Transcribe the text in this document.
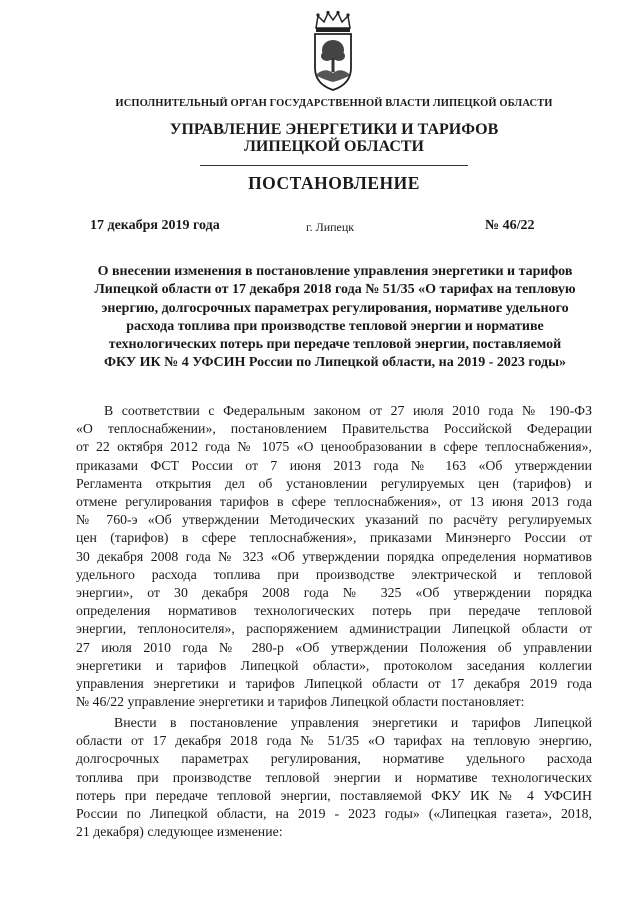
ИСПОЛНИТЕЛЬНЫЙ ОРГАН ГОСУДАРСТВЕННОЙ ВЛАСТИ ЛИПЕЦКОЙ ОБЛАСТИ
УПРАВЛЕНИЕ ЭНЕРГЕТИКИ И ТАРИФОВ
ЛИПЕЦКОЙ ОБЛАСТИ
ПОСТАНОВЛЕНИЕ
17 декабря 2019 года	г. Липецк	№ 46/22
О внесении изменения в постановление управления энергетики и тарифов
Липецкой области от 17 декабря 2018 года № 51/35 «О тарифах на тепловую
энергию, долгосрочных параметрах регулирования, нормативе удельного
расхода топлива при производстве тепловой энергии и нормативе
технологических потерь при передаче тепловой энергии, поставляемой
ФКУ ИК № 4 УФСИН России по Липецкой области, на 2019 - 2023 годы»
В соответствии с Федеральным законом от 27 июля 2010 года № 190-ФЗ
«О теплоснабжении», постановлением Правительства Российской Федерации
от 22 октября 2012 года № 1075 «О ценообразовании в сфере теплоснабжения»,
приказами ФСТ России от 7 июня 2013 года № 163 «Об утверждении
Регламента открытия дел об установлении регулируемых цен (тарифов) и
отмене регулирования тарифов в сфере теплоснабжения», от 13 июня 2013 года
№ 760-э «Об утверждении Методических указаний по расчёту регулируемых
цен (тарифов) в сфере теплоснабжения», приказами Минэнерго России от
30 декабря 2008 года № 323 «Об утверждении порядка определения нормативов
удельного расхода топлива при производстве электрической и тепловой
энергии», от 30 декабря 2008 года № 325 «Об утверждении порядка
определения нормативов технологических потерь при передаче тепловой
энергии, теплоносителя», распоряжением администрации Липецкой области от
27 июля 2010 года № 280-р «Об утверждении Положения об управлении
энергетики и тарифов Липецкой области», протоколом заседания коллегии
управления энергетики и тарифов Липецкой области от 17 декабря 2019 года
№ 46/22 управление энергетики и тарифов Липецкой области постановляет:
Внести в постановление управления энергетики и тарифов Липецкой
области от 17 декабря 2018 года № 51/35 «О тарифах на тепловую энергию,
долгосрочных параметрах регулирования, нормативе удельного расхода
топлива при производстве тепловой энергии и нормативе технологических
потерь при передаче тепловой энергии, поставляемой ФКУ ИК № 4 УФСИН
России по Липецкой области, на 2019 - 2023 годы» («Липецкая газета», 2018,
21 декабря) следующее изменение:
